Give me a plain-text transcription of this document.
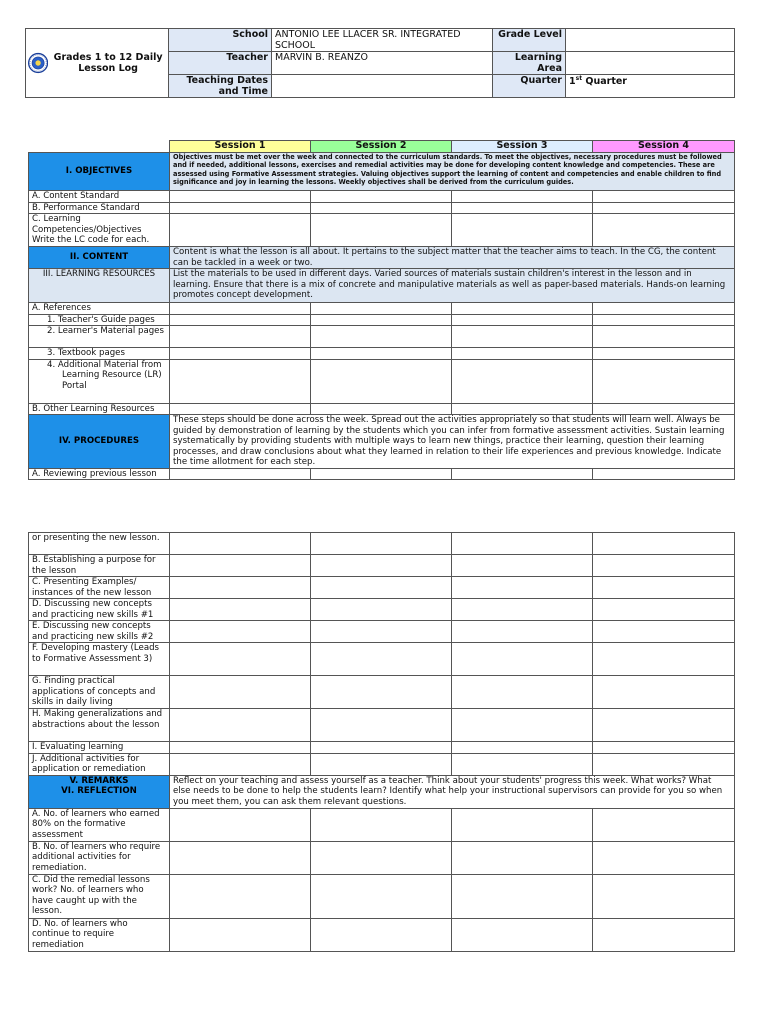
Grades 1 to 12 Daily Lesson Log	School	ANTONIO LEE LLACER SR. INTEGRATED SCHOOL	Grade Level	
	Teacher	MARVIN B. REANZO	Learning Area	
	Teaching Dates and Time		Quarter	1st Quarter
	Session 1	Session 2	Session 3	Session 4
I. OBJECTIVES	Objectives must be met over the week and connected to the curriculum standards. To meet the objectives, necessary procedures must be followed and if needed, additional lessons, exercises and remedial activities may be done for developing content knowledge and competencies. These are assessed using Formative Assessment strategies. Valuing objectives support the learning of content and competencies and enable children to find significance and joy in learning the lessons. Weekly objectives shall be derived from the curriculum guides.			
A. Content Standard				
B. Performance Standard				
C. Learning Competencies/Objectives Write the LC code for each.				
II. CONTENT	Content is what the lesson is all about. It pertains to the subject matter that the teacher aims to teach. In the CG, the content can be tackled in a week or two.			
III. LEARNING RESOURCES	List the materials to be used in different days. Varied sources of materials sustain children's interest in the lesson and in learning. Ensure that there is a mix of concrete and manipulative materials as well as paper-based materials. Hands-on learning promotes concept development.			
A. References				
1. Teacher's Guide pages				
2. Learner's Material pages				
3. Textbook pages				
4. Additional Material from
Learning Resource (LR) Portal				
B. Other Learning Resources				
IV. PROCEDURES	These steps should be done across the week. Spread out the activities appropriately so that students will learn well. Always be guided by demonstration of learning by the students which you can infer from formative assessment activities. Sustain learning systematically by providing students with multiple ways to learn new things, practice their learning, question their learning processes, and draw conclusions about what they learned in relation to their life experiences and previous knowledge. Indicate the time allotment for each step.			
A. Reviewing previous lesson				
or presenting the new lesson.				
B. Establishing a purpose for the lesson				
C. Presenting Examples/ instances of the new lesson				
D. Discussing new concepts and practicing new skills #1				
E. Discussing new concepts and practicing new skills #2				
F. Developing mastery (Leads to Formative Assessment 3)				
G. Finding practical applications of concepts and skills in daily living				
H. Making generalizations and abstractions about the lesson				
I. Evaluating learning				
J. Additional activities for application or remediation				

V. REMARKS
VI. REFLECTION	Reflect on your teaching and assess yourself as a teacher. Think about your students' progress this week. What works? What else needs to be done to help the students learn? Identify what help your instructional supervisors can provide for you so when you meet them, you can ask them relevant questions.			
A. No. of learners who earned 80% on the formative assessment				
B. No. of learners who require additional activities for remediation.				
C. Did the remedial lessons work? No. of learners who have caught up with the lesson.				
D. No. of learners who continue to require remediation				
